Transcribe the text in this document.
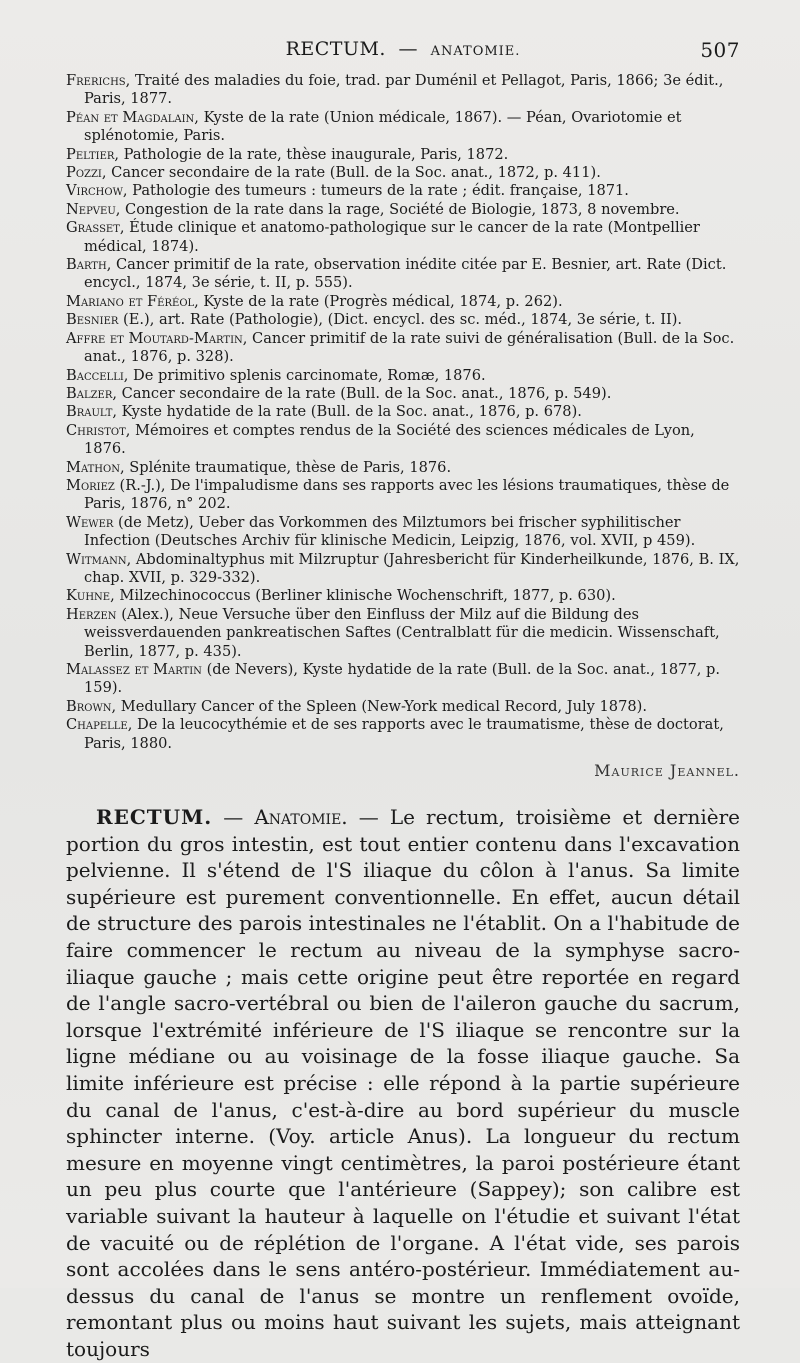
RECTUM. — ANATOMIE.	507
Frerichs, Traité des maladies du foie, trad. par Duménil et Pellagot, Paris, 1866; 3e édit., Paris, 1877.
Péan et Magdalain, Kyste de la rate (Union médicale, 1867). — Péan, Ovariotomie et splénotomie, Paris.
Peltier, Pathologie de la rate, thèse inaugurale, Paris, 1872.
Pozzi, Cancer secondaire de la rate (Bull. de la Soc. anat., 1872, p. 411).
Virchow, Pathologie des tumeurs : tumeurs de la rate ; édit. française, 1871.
Nepveu, Congestion de la rate dans la rage, Société de Biologie, 1873, 8 novembre.
Grasset, Étude clinique et anatomo-pathologique sur le cancer de la rate (Montpellier médical, 1874).
Barth, Cancer primitif de la rate, observation inédite citée par E. Besnier, art. Rate (Dict. encycl., 1874, 3e série, t. II, p. 555).
Mariano et Féréol, Kyste de la rate (Progrès médical, 1874, p. 262).
Besnier (E.), art. Rate (Pathologie), (Dict. encycl. des sc. méd., 1874, 3e série, t. II).
Affre et Moutard-Martin, Cancer primitif de la rate suivi de généralisation (Bull. de la Soc. anat., 1876, p. 328).
Baccelli, De primitivo splenis carcinomate, Romæ, 1876.
Balzer, Cancer secondaire de la rate (Bull. de la Soc. anat., 1876, p. 549).
Brault, Kyste hydatide de la rate (Bull. de la Soc. anat., 1876, p. 678).
Christot, Mémoires et comptes rendus de la Société des sciences médicales de Lyon, 1876.
Mathon, Splénite traumatique, thèse de Paris, 1876.
Moriez (R.-J.), De l'impaludisme dans ses rapports avec les lésions traumatiques, thèse de Paris, 1876, n° 202.
Wewer (de Metz), Ueber das Vorkommen des Milztumors bei frischer syphilitischer Infection (Deutsches Archiv für klinische Medicin, Leipzig, 1876, vol. XVII, p 459).
Witmann, Abdominaltyphus mit Milzruptur (Jahresbericht für Kinderheilkunde, 1876, B. IX, chap. XVII, p. 329-332).
Kuhne, Milzechinococcus (Berliner klinische Wochenschrift, 1877, p. 630).
Herzen (Alex.), Neue Versuche über den Einfluss der Milz auf die Bildung des weissverdauenden pankreatischen Saftes (Centralblatt für die medicin. Wissenschaft, Berlin, 1877, p. 435).
Malassez et Martin (de Nevers), Kyste hydatide de la rate (Bull. de la Soc. anat., 1877, p. 159).
Brown, Medullary Cancer of the Spleen (New-York medical Record, July 1878).
Chapelle, De la leucocythémie et de ses rapports avec le traumatisme, thèse de doctorat, Paris, 1880.
Maurice Jeannel.
RECTUM. — Anatomie. — Le rectum, troisième et dernière portion du gros intestin, est tout entier contenu dans l'excavation pelvienne. Il s'étend de l'S iliaque du côlon à l'anus. Sa limite supérieure est purement conventionnelle. En effet, aucun détail de structure des parois intestinales ne l'établit. On a l'habitude de faire commencer le rectum au niveau de la symphyse sacro-iliaque gauche ; mais cette origine peut être reportée en regard de l'angle sacro-vertébral ou bien de l'aileron gauche du sacrum, lorsque l'extrémité inférieure de l'S iliaque se rencontre sur la ligne médiane ou au voisinage de la fosse iliaque gauche. Sa limite inférieure est précise : elle répond à la partie supérieure du canal de l'anus, c'est-à-dire au bord supérieur du muscle sphincter interne. (Voy. article Anus). La longueur du rectum mesure en moyenne vingt centimètres, la paroi postérieure étant un peu plus courte que l'antérieure (Sappey); son calibre est variable suivant la hauteur à laquelle on l'étudie et suivant l'état de vacuité ou de réplétion de l'organe. A l'état vide, ses parois sont accolées dans le sens antéro-postérieur. Immédiatement au-dessus du canal de l'anus se montre un renflement ovoïde, remontant plus ou moins haut suivant les sujets, mais atteignant toujours
